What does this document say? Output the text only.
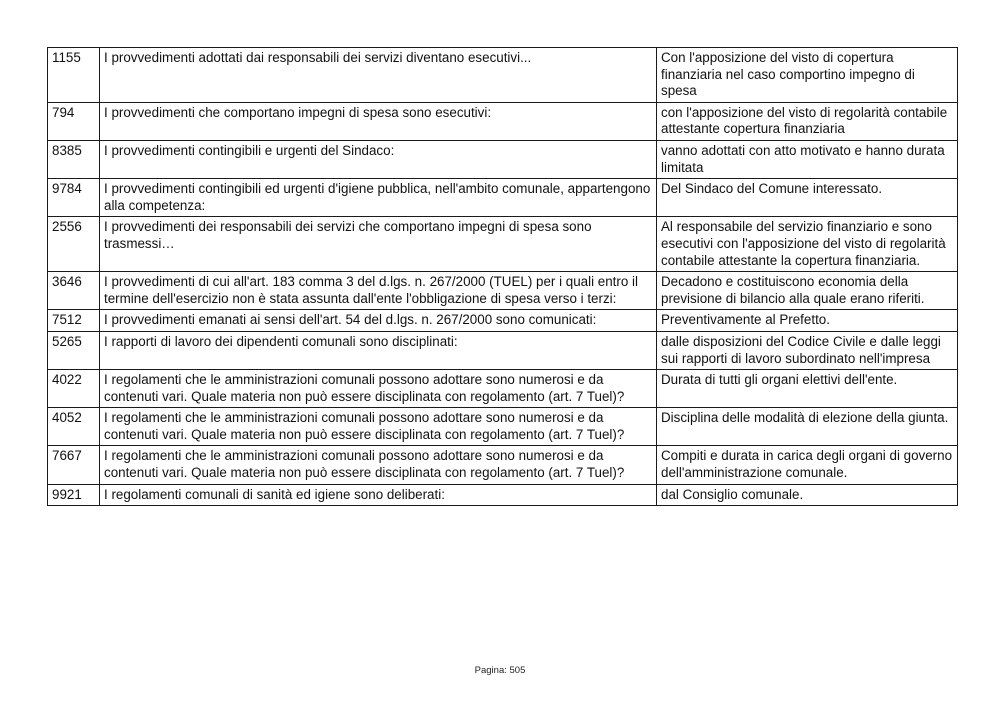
1155	I provvedimenti adottati dai responsabili dei servizi diventano esecutivi...	Con l'apposizione del visto di copertura finanziaria nel caso comportino impegno di spesa
794	I provvedimenti che comportano impegni di spesa sono esecutivi:	con l'apposizione del visto di regolarità contabile attestante copertura finanziaria
8385	I provvedimenti contingibili e urgenti del Sindaco:	vanno adottati con atto motivato e hanno durata limitata
9784	I provvedimenti contingibili ed urgenti d'igiene pubblica, nell'ambito comunale, appartengono alla competenza:	Del Sindaco del Comune interessato.
2556	I provvedimenti dei responsabili dei servizi che comportano impegni di spesa sono trasmessi…	Al responsabile del servizio finanziario e sono esecutivi con l'apposizione del visto di regolarità contabile attestante la copertura finanziaria.
3646	I provvedimenti di cui all'art. 183 comma 3 del d.lgs. n. 267/2000 (TUEL) per i quali entro il termine dell'esercizio non è stata assunta dall'ente l'obbligazione di spesa verso i terzi:	Decadono e costituiscono economia della previsione di bilancio alla quale erano riferiti.
7512	I provvedimenti emanati ai sensi dell'art. 54 del d.lgs. n. 267/2000 sono comunicati:	Preventivamente al Prefetto.
5265	I rapporti di lavoro dei dipendenti comunali sono disciplinati:	dalle disposizioni del Codice Civile e dalle leggi sui rapporti di lavoro subordinato nell'impresa
4022	I regolamenti che le amministrazioni comunali possono adottare sono numerosi e da contenuti vari. Quale materia non può essere disciplinata con regolamento (art. 7 Tuel)?	Durata di tutti gli organi elettivi dell'ente.
4052	I regolamenti che le amministrazioni comunali possono adottare sono numerosi e da contenuti vari. Quale materia non può essere disciplinata con regolamento (art. 7 Tuel)?	Disciplina delle modalità di elezione della giunta.
7667	I regolamenti che le amministrazioni comunali possono adottare sono numerosi e da contenuti vari. Quale materia non può essere disciplinata con regolamento (art. 7 Tuel)?	Compiti e durata in carica degli organi di governo dell'amministrazione comunale.
9921	I regolamenti comunali di sanità ed igiene sono deliberati:	dal Consiglio comunale.
Pagina: 505
